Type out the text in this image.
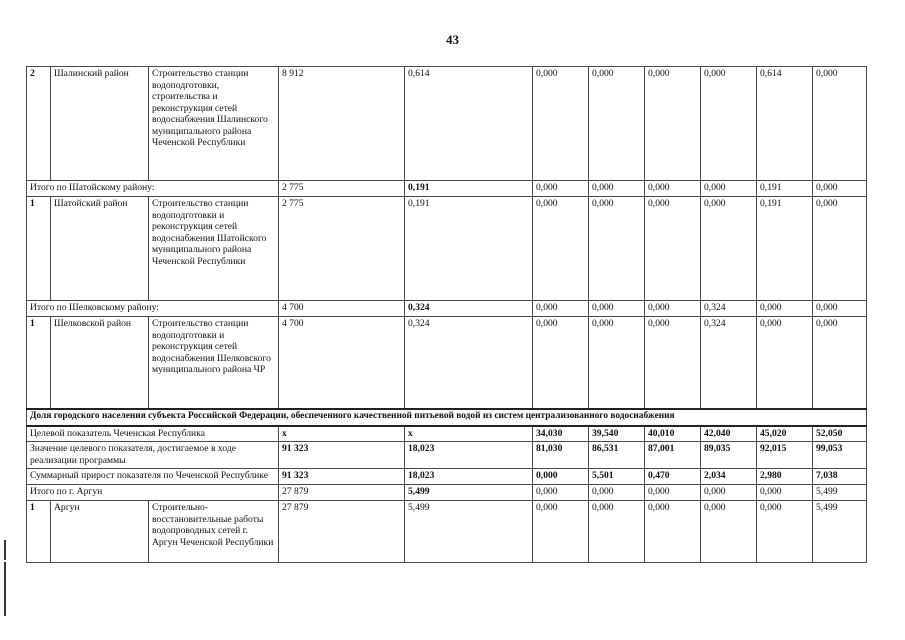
43
2	Шалинский район	Строительство станции водоподготовки, строительства и реконструкция сетей водоснабжения Шалинского муниципального района Чеченской Республики	8 912	0,614	0,000	0,000	0,000	0,000	0,614	0,000
Итого по Шатойскому району:			2 775	0,191	0,000	0,000	0,000	0,000	0,191	0,000
1	Шатойский район	Строительство станции водоподготовки и реконструкция сетей водоснабжения Шатойского муниципального района Чеченской Республики	2 775	0,191	0,000	0,000	0,000	0,000	0,191	0,000
Итого по Шелковскому району:			4 700	0,324	0,000	0,000	0,000	0,324	0,000	0,000
1	Шелковской район	Строительство станции водоподготовки и реконструкция сетей водоснабжения Шелковского муниципального района ЧР	4 700	0,324	0,000	0,000	0,000	0,324	0,000	0,000
Доля городского населения субъекта Российской Федерации, обеспеченного качественной питьевой водой из систем централизованного водоснабжения										
Целевой показатель Чеченская Республика			х	х	34,030	39,540	40,010	42,040	45,020	52,050
Значение целевого показателя, достигаемое в ходе реализации программы			91 323	18,023	81,030	86,531	87,001	89,035	92,015	99,053
Суммарный прирост показателя по Чеченской Республике			91 323	18,023	0,000	5,501	0,470	2,034	2,980	7,038
Итого по г. Аргун			27 879	5,499	0,000	0,000	0,000	0,000	0,000	5,499
1	Аргун	Строительно-восстановительные работы водопроводных сетей г. Аргун Чеченской Республики	27 879	5,499	0,000	0,000	0,000	0,000	0,000	5,499
